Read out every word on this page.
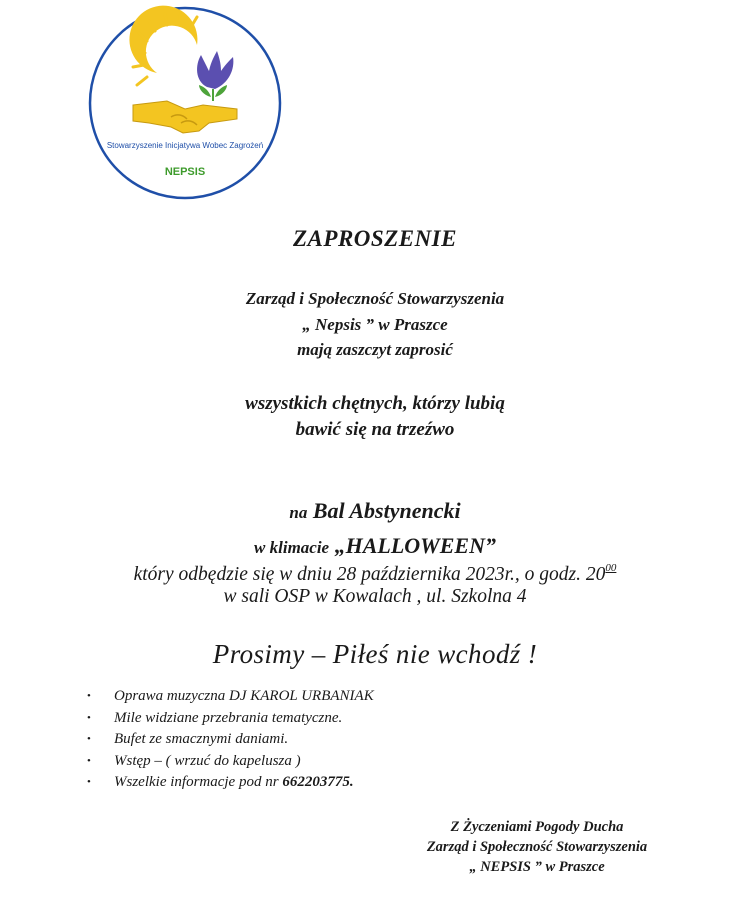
Stowarzyszenie Inicjatywa Wobec Zagrożeń
NEPSIS
ZAPROSZENIE
Zarząd i Społeczność Stowarzyszenia
„ Nepsis ” w Praszce
mają zaszczyt zaprosić
wszystkich chętnych, którzy lubią
bawić się na trzeźwo
na Bal Abstynencki
w klimacie „HALLOWEEN”
który odbędzie się w dniu 28 października 2023r., o godz. $20^{00}$
w sali OSP w Kowalach , ul. Szkolna 4
Prosimy – Piłeś nie wchodź !
• Oprawa muzyczna DJ KAROL URBANIAK
• Mile widziane przebrania tematyczne.
• Bufet ze smacznymi daniami.
• Wstęp – ( wrzuć do kapelusza )
• Wszelkie informacje pod nr 662203775.
Z Życzeniami Pogody Ducha
Zarząd i Społeczność Stowarzyszenia
„ NEPSIS ” w Praszce
